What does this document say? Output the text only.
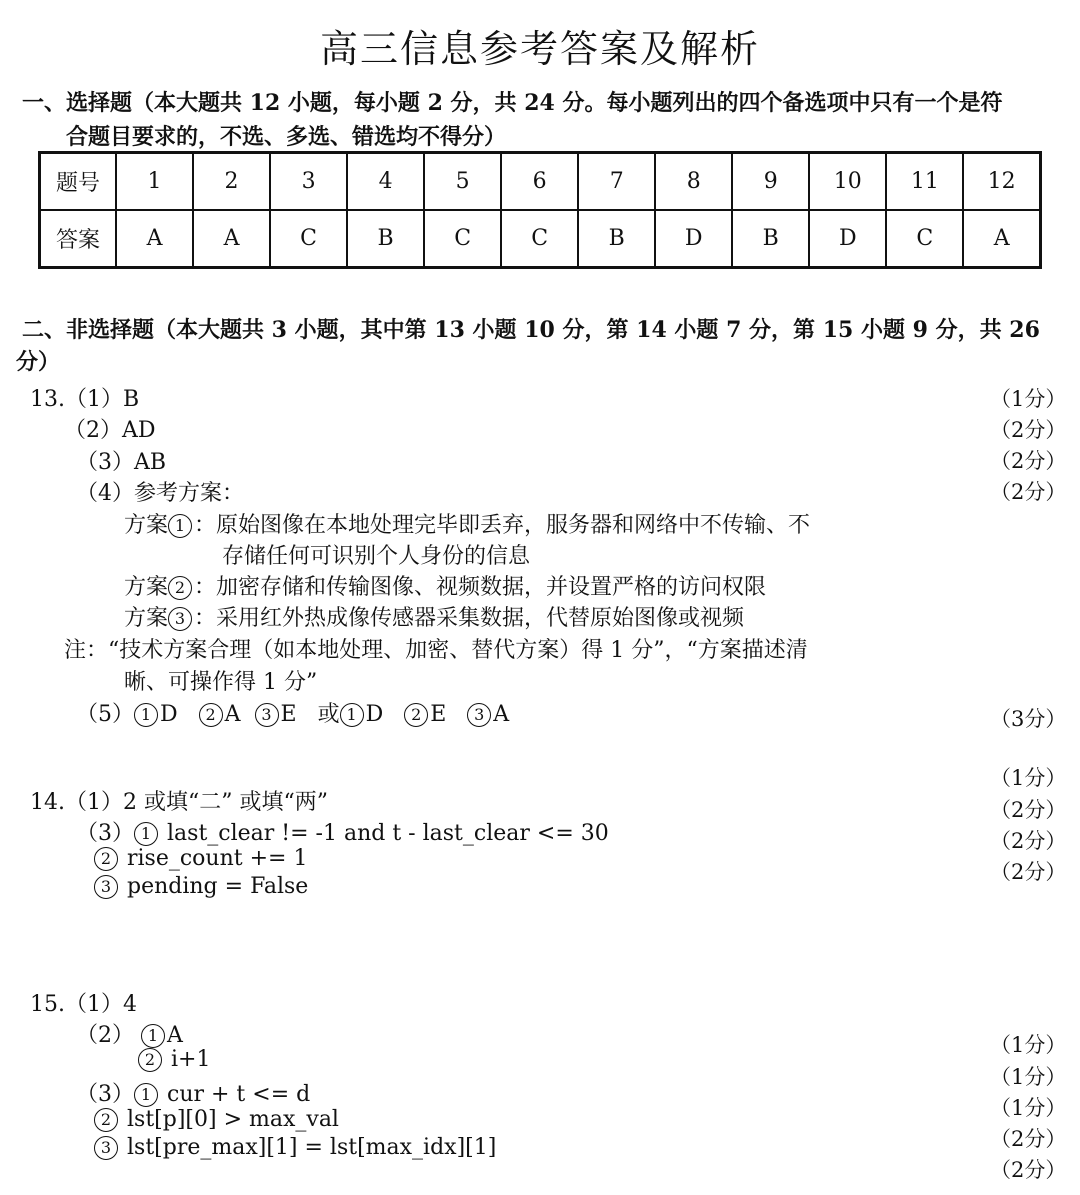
高三信息参考答案及解析
一、选择题（本大题共 12 小题，每小题 2 分，共 24 分。每小题列出的四个备选项中只有一个是符
合题目要求的，不选、多选、错选均不得分）
题号	1	2	3	4	5	6	7	8	9	10	11	12
答案	A	A	C	B	C	C	B	D	B	D	C	A
二、非选择题（本大题共 3 小题，其中第 13 小题 10 分，第 14 小题 7 分，第 15 小题 9 分，共 26
分）
13.（1）B
（2）AD
（3）AB
（4）参考方案：
方案 1 ：原始图像在本地处理完毕即丢弃，服务器和网络中不传输、不
存储任何可识别个人身份的信息
方案 2 ：加密存储和传输图像、视频数据，并设置严格的访问权限
方案 3 ：采用红外热成像传感器采集数据，代替原始图像或视频
注：“技术方案合理（如本地处理、加密、替代方案）得 1 分”，“方案描述清
晰、可操作得 1 分”
（5） 1 D 2 A 3 E 或 1 D 2 E 3 A
（1分）
（2分）
（2分）
（2分）
（3分）
14.（1）2 或填“二” 或填“两”
（3） 1 last_clear != -1 and t - last_clear <= 30
2 rise_count += 1
3 pending = False
（1分）
（2分）
（2分）
（2分）
15.（1）4
（2） 1 A
2 i+1
（3） 1 cur + t <= d
2 lst[p][0] > max_val
3 lst[pre_max][1] = lst[max_idx][1]
（1分）
（1分）
（1分）
（2分）
（2分）
